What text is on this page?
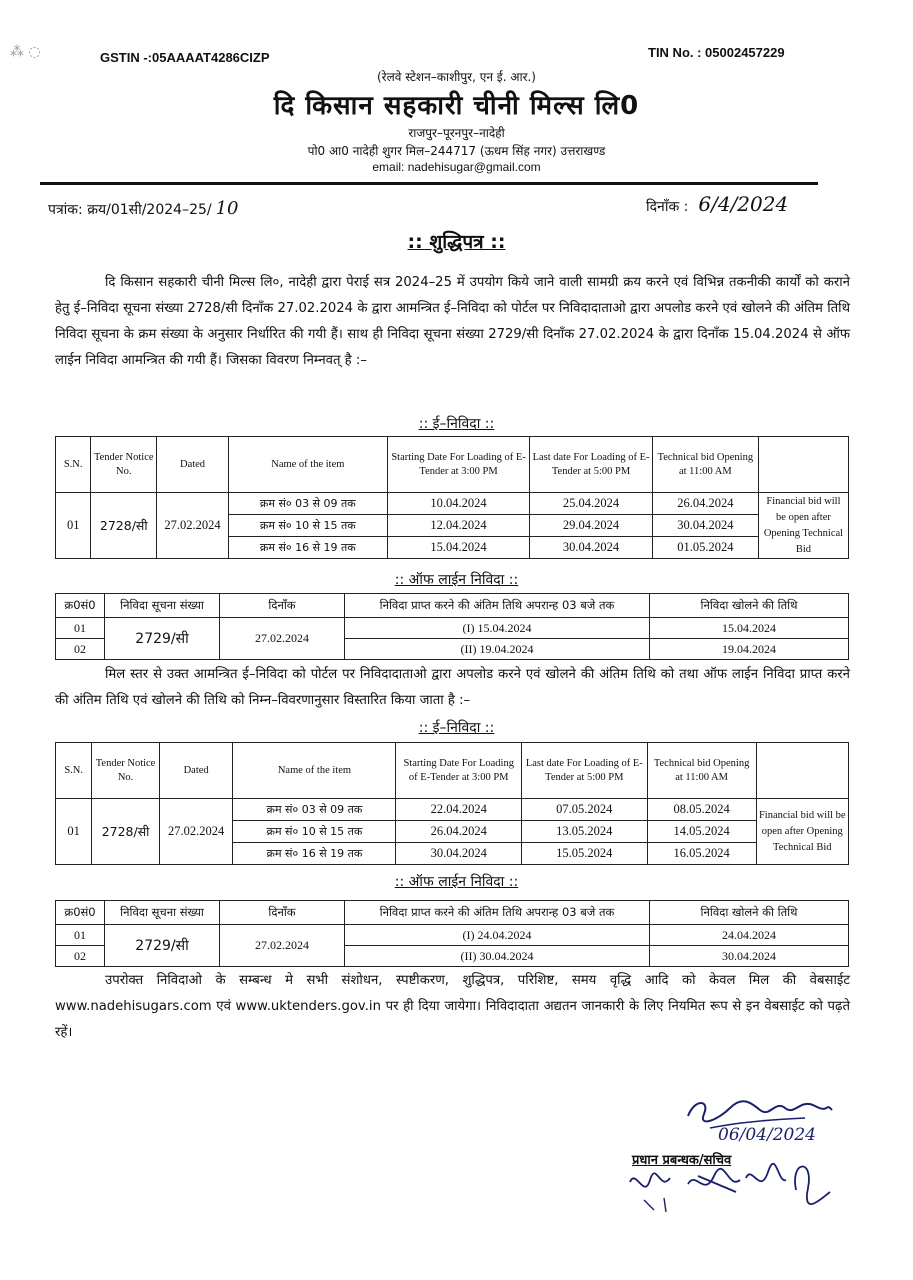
⁂ ◌	GSTIN -:05AAAAT4286CIZP	TIN No. : 05002457229
(रेलवे स्टेशन–काशीपुर, एन ई. आर.)
दि किसान सहकारी चीनी मिल्स लि0
राजपुर–पूरनपुर–नादेही
पो0 आ0 नादेही शुगर मिल–244717 (ऊधम सिंह नगर) उत्तराखण्ड
email: nadehisugar@gmail.com
पत्रांक: क्रय/01सी/2024–25/ 10	दिनाँक : 6/4/2024
:: शुद्धिपत्र ::
दि किसान सहकारी चीनी मिल्स लि०, नादेही द्वारा पेराई सत्र 2024–25 में उपयोग किये जाने वाली सामग्री क्रय करने एवं विभिन्न तकनीकी कार्यों को कराने हेतु ई–निविदा सूचना संख्या 2728/सी दिनाँक 27.02.2024 के द्वारा आमन्त्रित ई–निविदा को पोर्टल पर निविदादाताओ द्वारा अपलोड करने एवं खोलने की अंतिम तिथि निविदा सूचना के क्रम संख्या के अनुसार निर्धारित की गयी हैं। साथ ही निविदा सूचना संख्या 2729/सी दिनाँक 27.02.2024 के द्वारा दिनाँक 15.04.2024 से ऑफ लाईन निविदा आमन्त्रित की गयी हैं। जिसका विवरण निम्नवत् है :–
:: ई–निविदा ::
S.N.	Tender Notice No.	Dated	Name of the item	Starting Date For Loading of E-Tender at 3:00 PM	Last date For Loading of E-Tender at 5:00 PM	Technical bid Opening at 11:00 AM	
01	2728/सी	27.02.2024	क्रम सं० 03 से 09 तक	10.04.2024	25.04.2024	26.04.2024	Financial bid will be open after Opening Technical Bid
			क्रम सं० 10 से 15 तक	12.04.2024	29.04.2024	30.04.2024	
			क्रम सं० 16 से 19 तक	15.04.2024	30.04.2024	01.05.2024	
:: ऑफ लाईन निविदा ::
क्र0सं0	निविदा सूचना संख्या	दिनाँक	निविदा प्राप्त करने की अंतिम तिथि अपरान्ह 03 बजे तक	निविदा खोलने की तिथि
01	2729/सी	27.02.2024	(I) 15.04.2024	15.04.2024
02			(II) 19.04.2024	19.04.2024
मिल स्तर से उक्त आमन्त्रित ई–निविदा को पोर्टल पर निविदादाताओ द्वारा अपलोड करने एवं खोलने की अंतिम तिथि को तथा ऑफ लाईन निविदा प्राप्त करने की अंतिम तिथि एवं खोलने की तिथि को निम्न–विवरणानुसार विस्तारित किया जाता है :–
:: ई–निविदा ::
S.N.	Tender Notice No.	Dated	Name of the item	Starting Date For Loading of E-Tender at 3:00 PM	Last date For Loading of E-Tender at 5:00 PM	Technical bid Opening at 11:00 AM	
01	2728/सी	27.02.2024	क्रम सं० 03 से 09 तक	22.04.2024	07.05.2024	08.05.2024	Financial bid will be open after Opening Technical Bid
			क्रम सं० 10 से 15 तक	26.04.2024	13.05.2024	14.05.2024	
			क्रम सं० 16 से 19 तक	30.04.2024	15.05.2024	16.05.2024	
:: ऑफ लाईन निविदा ::
क्र0सं0	निविदा सूचना संख्या	दिनाँक	निविदा प्राप्त करने की अंतिम तिथि अपरान्ह 03 बजे तक	निविदा खोलने की तिथि
01	2729/सी	27.02.2024	(I) 24.04.2024	24.04.2024
02			(II) 30.04.2024	30.04.2024
उपरोक्त निविदाओ के सम्बन्ध मे सभी संशोधन, स्पष्टीकरण, शुद्धिपत्र, परिशिष्ट, समय वृद्धि आदि को केवल मिल की वेबसाईट www.nadehisugars.com एवं www.uktenders.gov.in पर ही दिया जायेगा। निविदादाता अद्यतन जानकारी के लिए नियमित रूप से इन वेबसाईट को पढ़ते रहें।
06/04/2024
प्रधान प्रबन्धक/सचिव
